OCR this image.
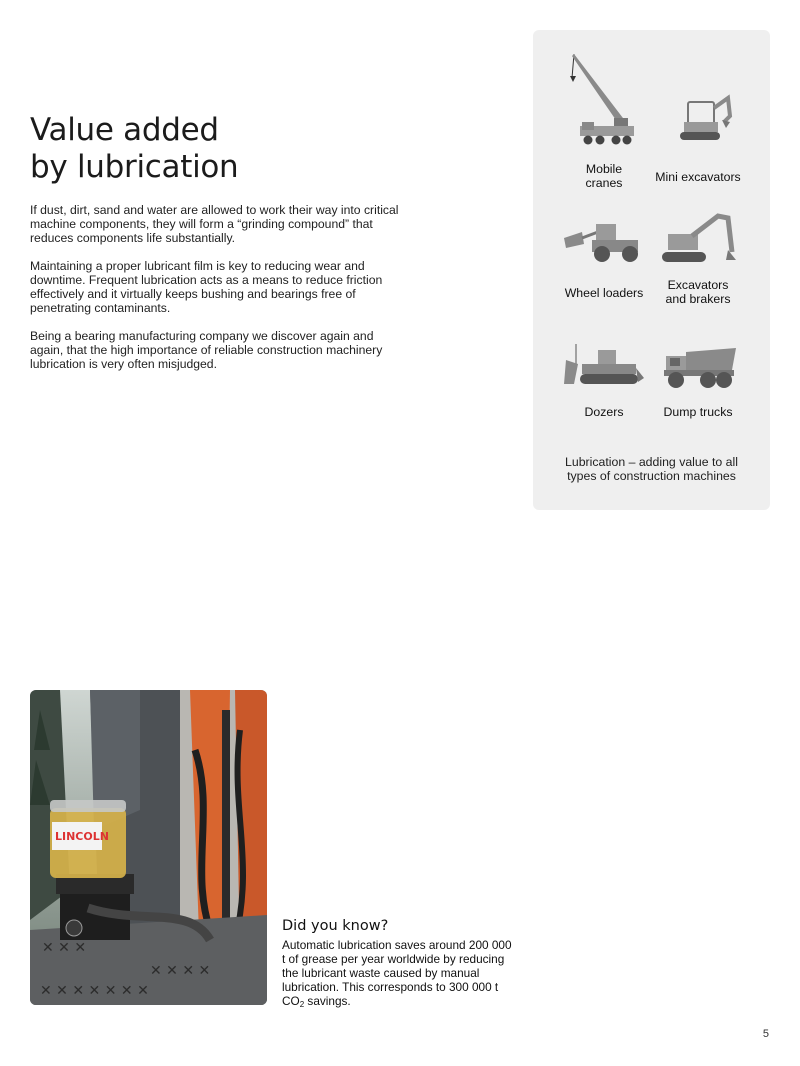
Value added
by lubrication

If dust, dirt, sand and water are allowed to work their way into critical machine components, they will form a “grinding compound” that reduces components life substantially.

Maintaining a proper lubricant film is key to reducing wear and downtime. Frequent lubrication acts as a means to reduce friction effectively and it virtually keeps bushing and bearings free of penetrating contaminants.

Being a bearing manufacturing company we discover again and again, that the high importance of reliable construction machinery lubrication is very often misjudged.

Mobile
cranes	Mini excavators
Wheel loaders
Excavators
and brakers
Dozers	Dump trucks
Lubrication – adding value to all
types of construction machines
✕ ✕ ✕
✕ ✕ ✕ ✕
✕ ✕ ✕ ✕ ✕ ✕ ✕
LINCOLN
Did you know?
Automatic lubrication saves around 200 000 t of grease per year worldwide by reducing the lubricant waste caused by manual lubrication. This corresponds to 300 000 t $CO_2$ savings.
5
